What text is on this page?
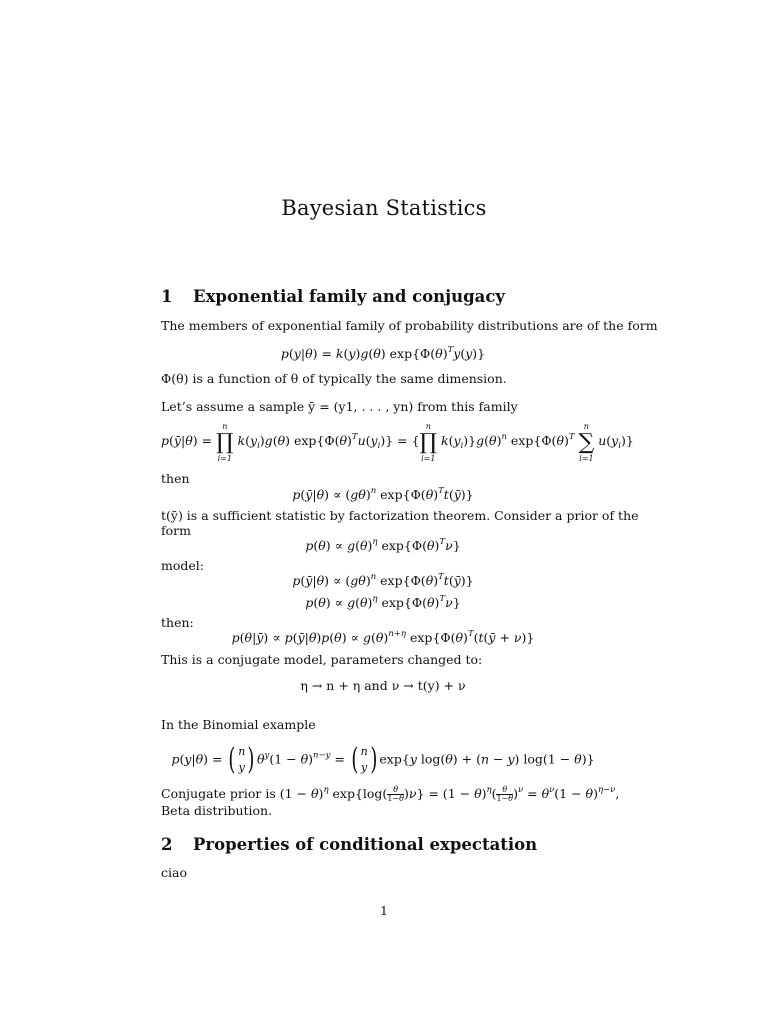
Bayesian Statistics
1 Exponential family and conjugacy
The members of exponential family of probability distributions are of the form
p(y|θ) = k(y)g(θ) $\exp\{\Phi(\theta)^Ty(y)\}$
Φ(θ) is a function of θ of typically the same dimension.
Let’s assume a sample ȳ = (y1, . . . , yn) from this family
p(ȳ|θ) = ∏
n
i=1
$k(y_i)g(\theta) \exp\{\Phi(\theta)^Tu(y_i)\}$ = {∏
n
i=1
$k(y_i)\}g(\theta)^n$ $\exp\{\Phi(\theta)^T$ ∑
n
i=1
$u(y_i)$}
then
p(ȳ|θ) ∝ $(g\theta)^n$ $\exp\{\Phi(\theta)^Tt(ȳ)\}$
t(ȳ) is a sufficient statistic by factorization theorem. Consider a prior of the
form
$p(\theta) \propto g(\theta)^\eta$ $\exp\{\Phi(\theta)^T\nu\}$
model:
p(ȳ|θ) ∝ $(g\theta)^n$ $\exp\{\Phi(\theta)^Tt(ȳ)\}$
$p(\theta) \propto g(\theta)^\eta$ $\exp\{\Phi(\theta)^T\nu\}$
then:
p(θ|ȳ) ∝ p(ȳ|θ)p(θ) ∝ $g(\theta)^{n+\eta}$ $\exp\{\Phi(\theta)^T(t(ȳ + \nu)\}$
This is a conjugate model, parameters changed to:
η → n + η and ν → t(y) + ν
In the Binomial example
p(y|θ) = ( n
y ) $\theta^y(1 - \theta)^{n-y}$ = ( n
y ) exp{y log(θ) + (n − y) log(1 − θ)}
Conjugate prior is $(1 - \theta)^\eta$ $\exp\{\log( \frac{\theta}{1-\theta} )\nu\} = (1 - \theta)^\eta( \frac{\theta}{1-\theta} )^\nu = \theta^\nu(1 - \theta)^{\eta-\nu}$,
Beta distribution.
2 Properties of conditional expectation
ciao
1
